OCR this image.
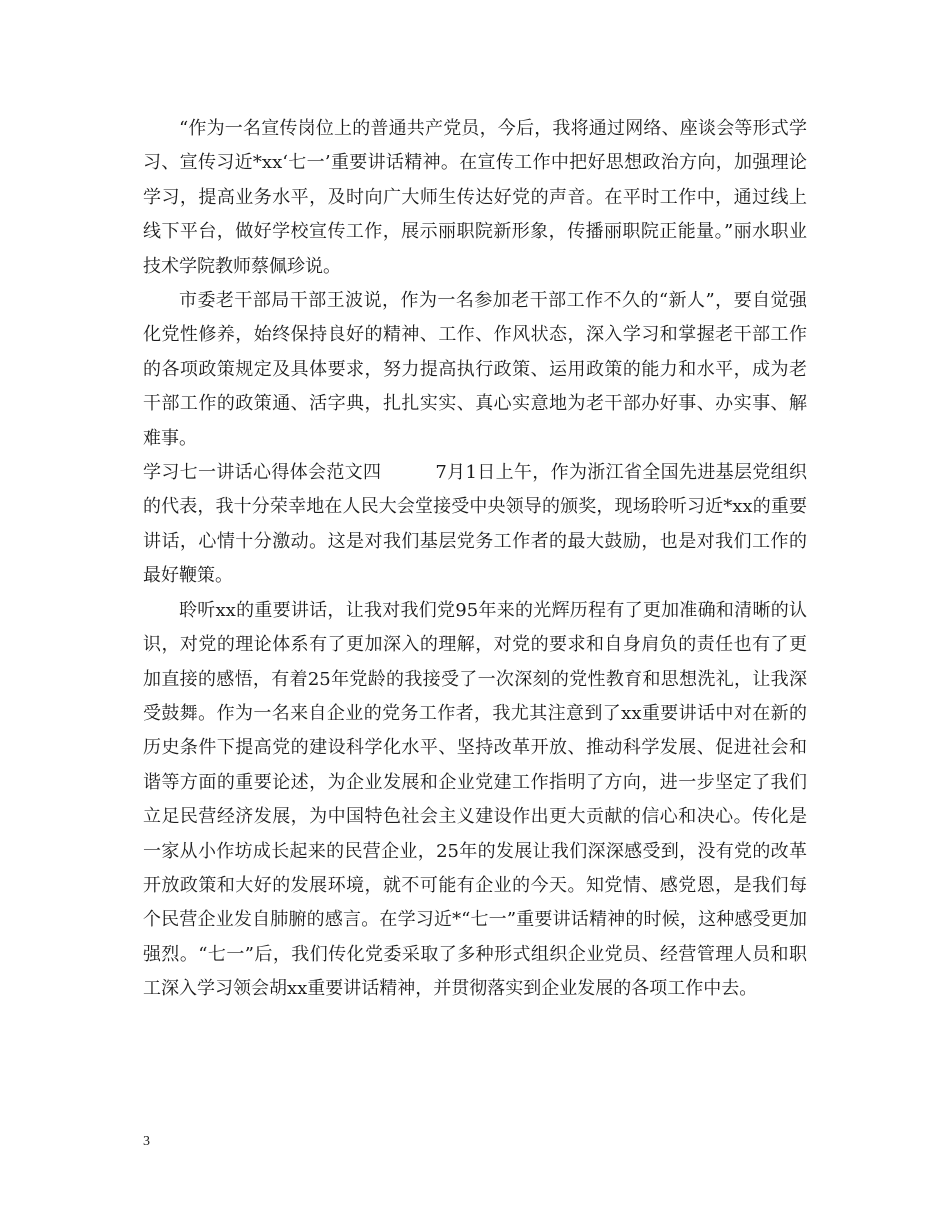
“作为一名宣传岗位上的普通共产党员，今后，我将通过网络、座谈会等形式学习、宣传习近*xx‘七一’重要讲话精神。在宣传工作中把好思想政治方向，加强理论学习，提高业务水平，及时向广大师生传达好党的声音。在平时工作中，通过线上线下平台，做好学校宣传工作，展示丽职院新形象，传播丽职院正能量。”丽水职业技术学院教师蔡佩珍说。

市委老干部局干部王波说，作为一名参加老干部工作不久的“新人”，要自觉强化党性修养，始终保持良好的精神、工作、作风状态，深入学习和掌握老干部工作的各项政策规定及具体要求，努力提高执行政策、运用政策的能力和水平，成为老干部工作的政策通、活字典，扎扎实实、真心实意地为老干部办好事、办实事、解难事。

学习七一讲话心得体会范文四	7月1日上午，作为浙江省全国先进基层党组织的代表，我十分荣幸地在人民大会堂接受中央领导的颁奖，现场聆听习近*xx的重要讲话，心情十分激动。这是对我们基层党务工作者的最大鼓励，也是对我们工作的最好鞭策。

聆听xx的重要讲话，让我对我们党95年来的光辉历程有了更加准确和清晰的认识，对党的理论体系有了更加深入的理解，对党的要求和自身肩负的责任也有了更加直接的感悟，有着25年党龄的我接受了一次深刻的党性教育和思想洗礼，让我深受鼓舞。作为一名来自企业的党务工作者，我尤其注意到了xx重要讲话中对在新的历史条件下提高党的建设科学化水平、坚持改革开放、推动科学发展、促进社会和谐等方面的重要论述，为企业发展和企业党建工作指明了方向，进一步坚定了我们立足民营经济发展，为中国特色社会主义建设作出更大贡献的信心和决心。传化是一家从小作坊成长起来的民营企业，25年的发展让我们深深感受到，没有党的改革开放政策和大好的发展环境，就不可能有企业的今天。知党情、感党恩，是我们每个民营企业发自肺腑的感言。在学习近*“七一”重要讲话精神的时候，这种感受更加强烈。“七一”后，我们传化党委采取了多种形式组织企业党员、经营管理人员和职工深入学习领会胡xx重要讲话精神，并贯彻落实到企业发展的各项工作中去。

3
